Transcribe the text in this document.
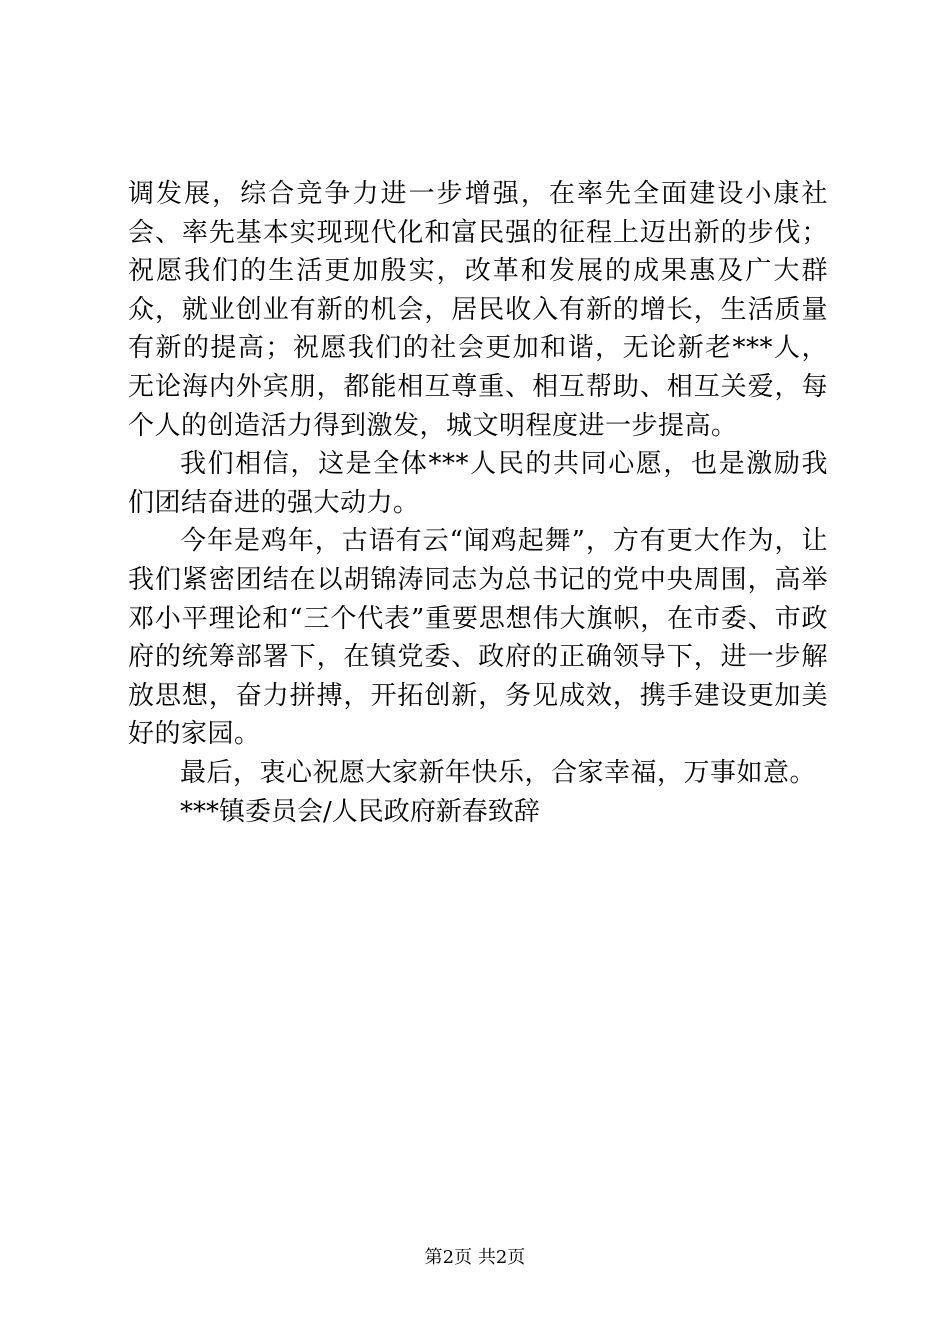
调发展，综合竞争力进一步增强，在率先全面建设小康社会、率先基本实现现代化和富民强的征程上迈出新的步伐；祝愿我们的生活更加殷实，改革和发展的成果惠及广大群众，就业创业有新的机会，居民收入有新的增长，生活质量有新的提高；祝愿我们的社会更加和谐，无论新老***人，无论海内外宾朋，都能相互尊重、相互帮助、相互关爱，每个人的创造活力得到激发，城文明程度进一步提高。

我们相信，这是全体***人民的共同心愿，也是激励我们团结奋进的强大动力。

今年是鸡年，古语有云“闻鸡起舞”，方有更大作为，让我们紧密团结在以胡锦涛同志为总书记的党中央周围，高举邓小平理论和“三个代表”重要思想伟大旗帜，在市委、市政府的统筹部署下，在镇党委、政府的正确领导下，进一步解放思想，奋力拼搏，开拓创新，务见成效，携手建设更加美好的家园。

最后，衷心祝愿大家新年快乐，合家幸福，万事如意。

***镇委员会/人民政府新春致辞

第2页 共2页
